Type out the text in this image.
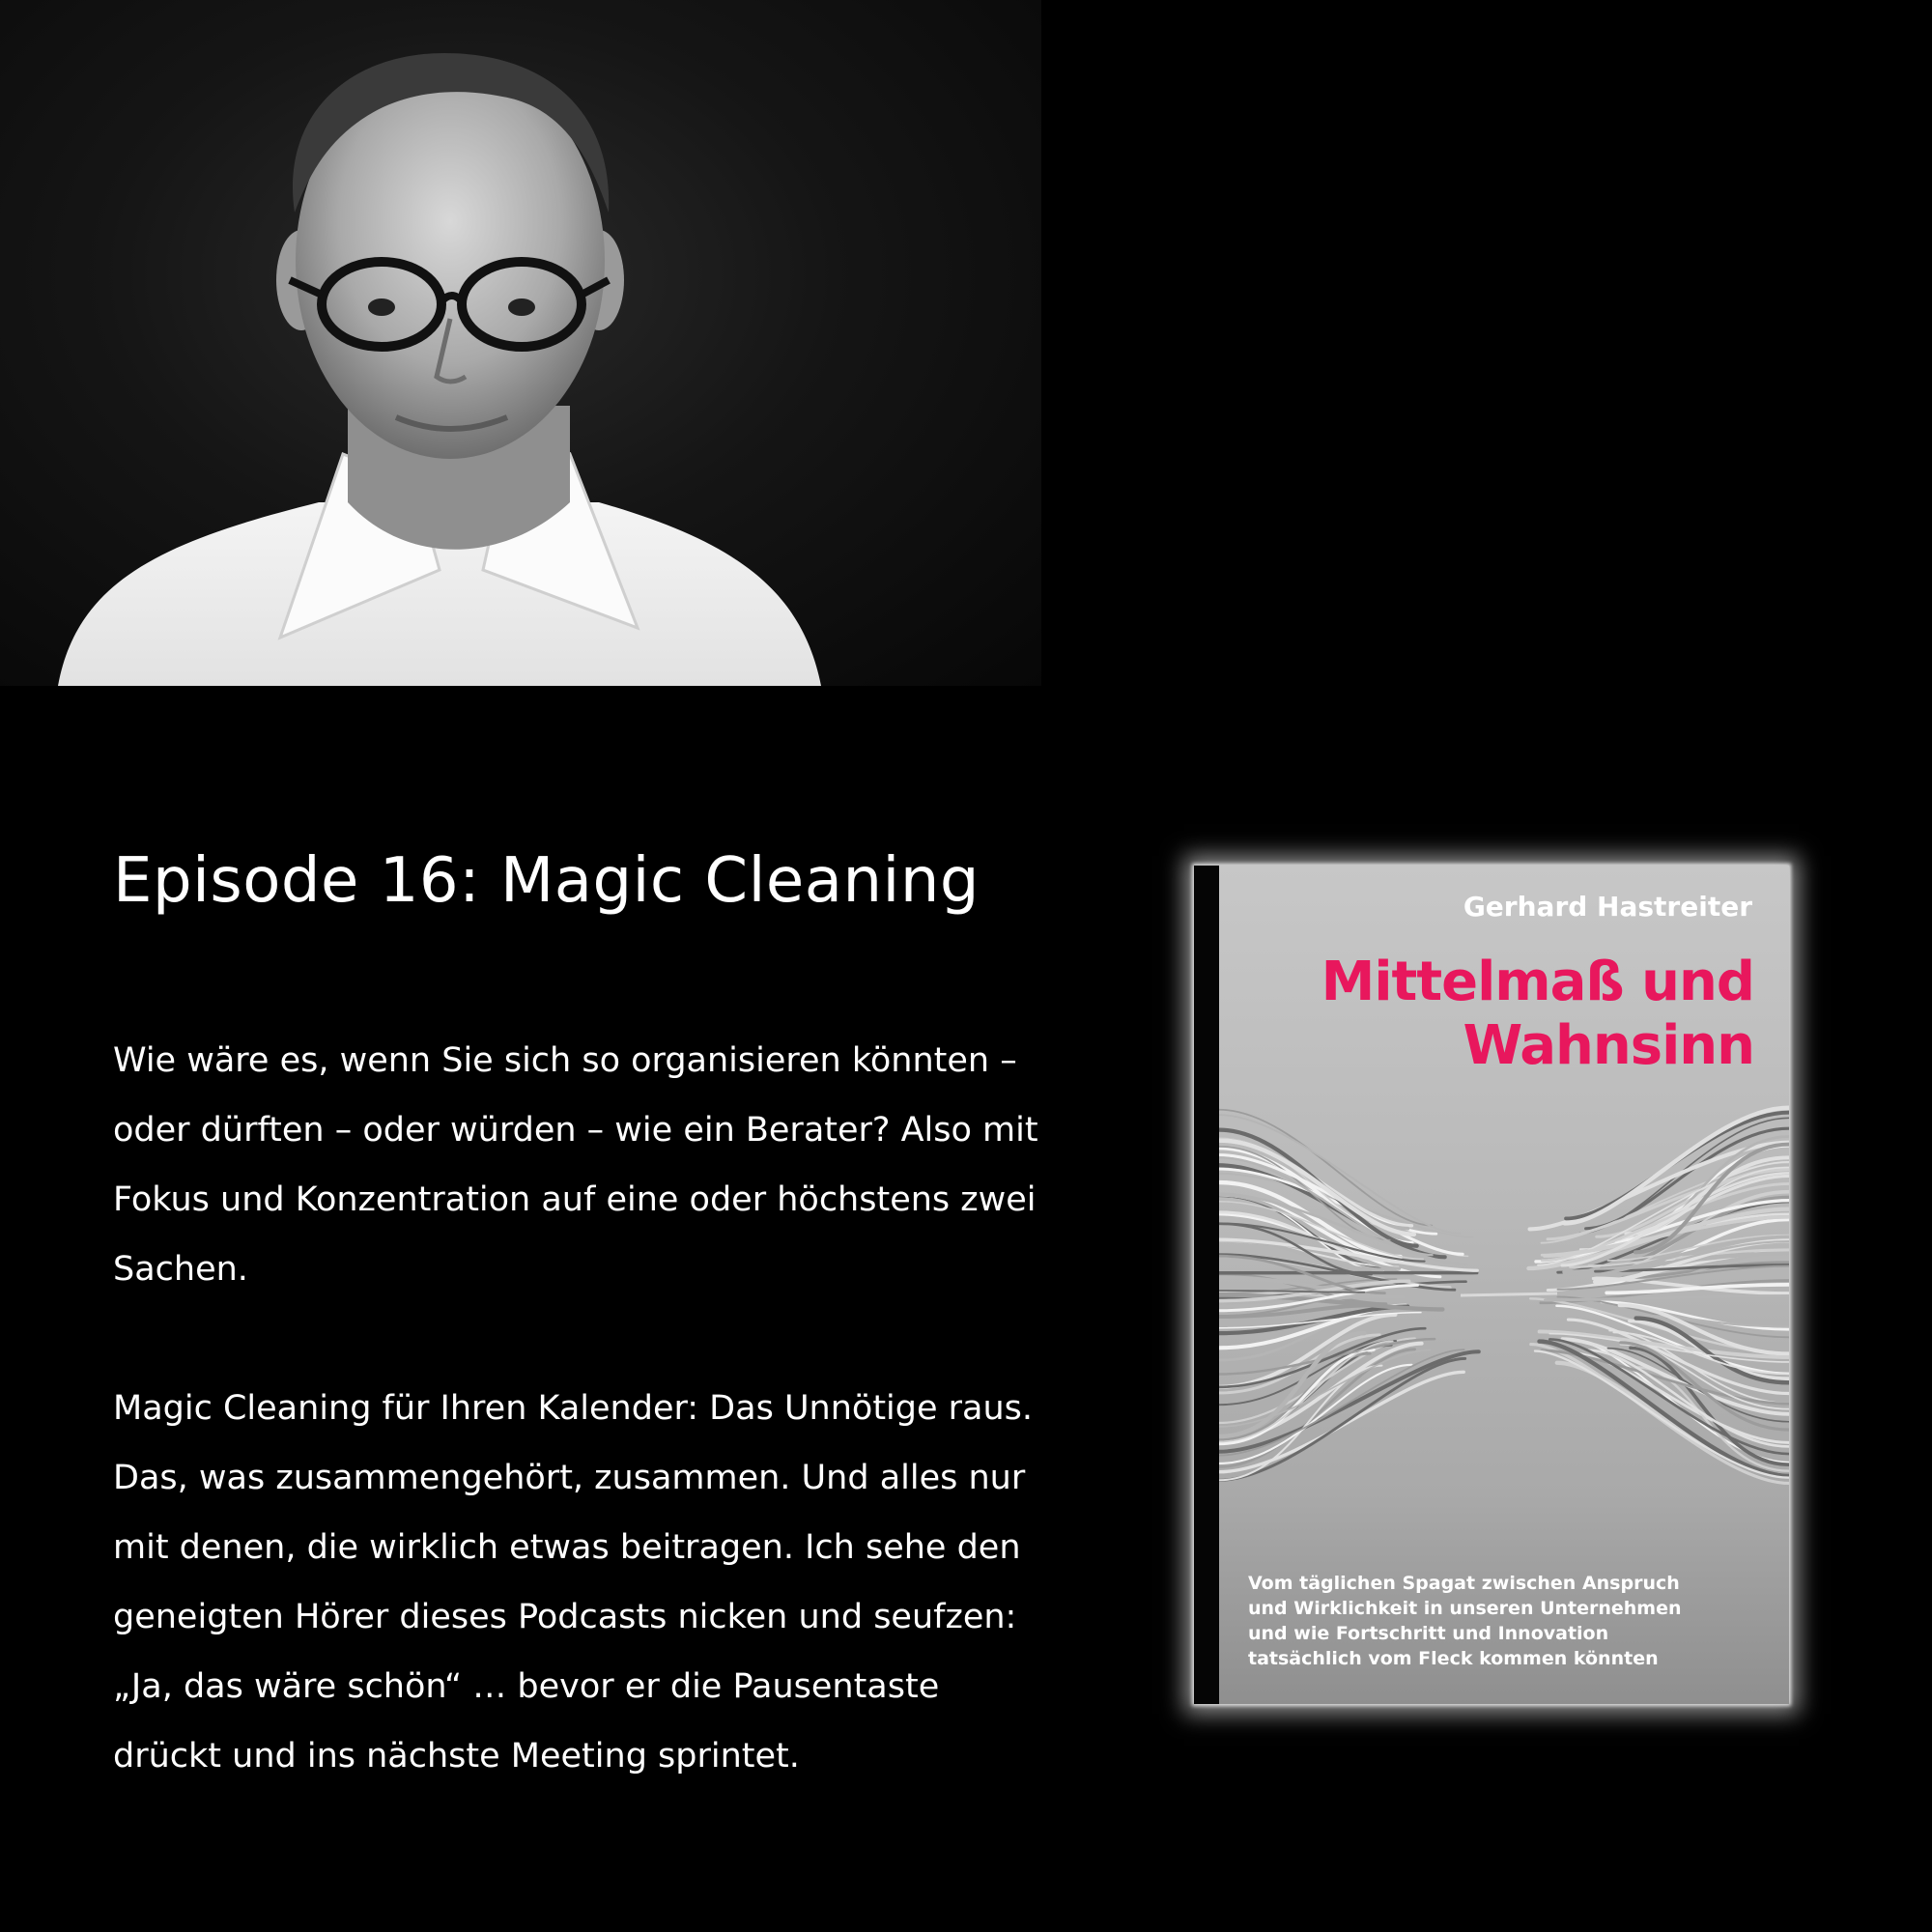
Episode 16: Magic Cleaning

Wie wäre es, wenn Sie sich so organisieren könnten – oder dürften – oder würden – wie ein Berater? Also mit Fokus und Konzentration auf eine oder höchstens zwei Sachen.

Magic Cleaning für Ihren Kalender: Das Unnötige raus. Das, was zusammengehört, zusammen. Und alles nur mit denen, die wirklich etwas beitragen. Ich sehe den geneigten Hörer dieses Podcasts nicken und seufzen: „Ja, das wäre schön“ … bevor er die Pausentaste drückt und ins nächste Meeting sprintet.

Gerhard Hastreiter
Mittelmaß und
Wahnsinn
Vom täglichen Spagat zwischen Anspruch
und Wirklichkeit in unseren Unternehmen
und wie Fortschritt und Innovation
tatsächlich vom Fleck kommen könnten
